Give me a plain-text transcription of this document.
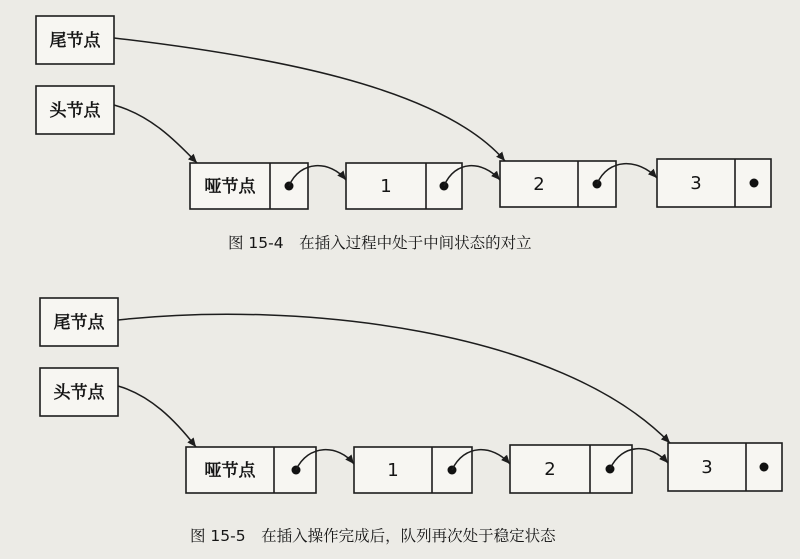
尾节点
头节点
哑节点	1	2	3
图 15-4　在插入过程中处于中间状态的对立
尾节点
头节点
哑节点	1	2	3
图 15-5　在插入操作完成后，队列再次处于稳定状态
